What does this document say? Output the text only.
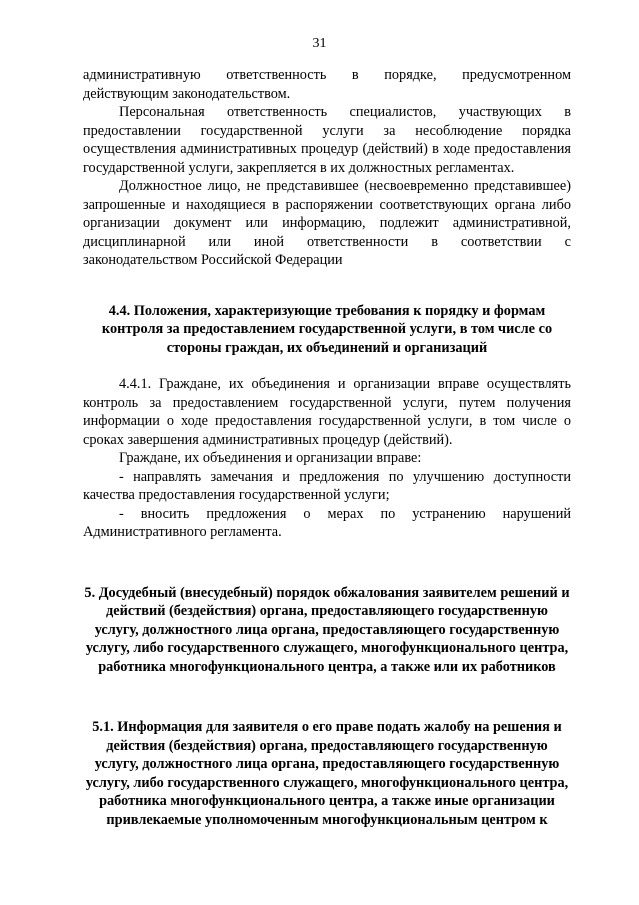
31

административную ответственность в порядке, предусмотренном действующим законодательством.

Персональная ответственность специалистов, участвующих в предоставлении государственной услуги за несоблюдение порядка осуществления административных процедур (действий) в ходе предоставления государственной услуги, закрепляется в их должностных регламентах.

Должностное лицо, не представившее (несвоевременно представившее) запрошенные и находящиеся в распоряжении соответствующих органа либо организации документ или информацию, подлежит административной, дисциплинарной или иной ответственности в соответствии с законодательством Российской Федерации

4.4. Положения, характеризующие требования к порядку и формам контроля за предоставлением государственной услуги, в том числе со стороны граждан, их объединений и организаций

4.4.1. Граждане, их объединения и организации вправе осуществлять контроль за предоставлением государственной услуги, путем получения информации о ходе предоставления государственной услуги, в том числе о сроках завершения административных процедур (действий).

Граждане, их объединения и организации вправе:

- направлять замечания и предложения по улучшению доступности качества предоставления государственной услуги;

- вносить предложения о мерах по устранению нарушений Административного регламента.

5. Досудебный (внесудебный) порядок обжалования заявителем решений и действий (бездействия) органа, предоставляющего государственную услугу, должностного лица органа, предоставляющего государственную услугу, либо государственного служащего, многофункционального центра, работника многофункционального центра, а также или их работников
5.1. Информация для заявителя о его праве подать жалобу на решения и действия (бездействия) органа, предоставляющего государственную услугу, должностного лица органа, предоставляющего государственную услугу, либо государственного служащего, многофункционального центра, работника многофункционального центра, а также иные организации привлекаемые уполномоченным многофункциональным центром к
